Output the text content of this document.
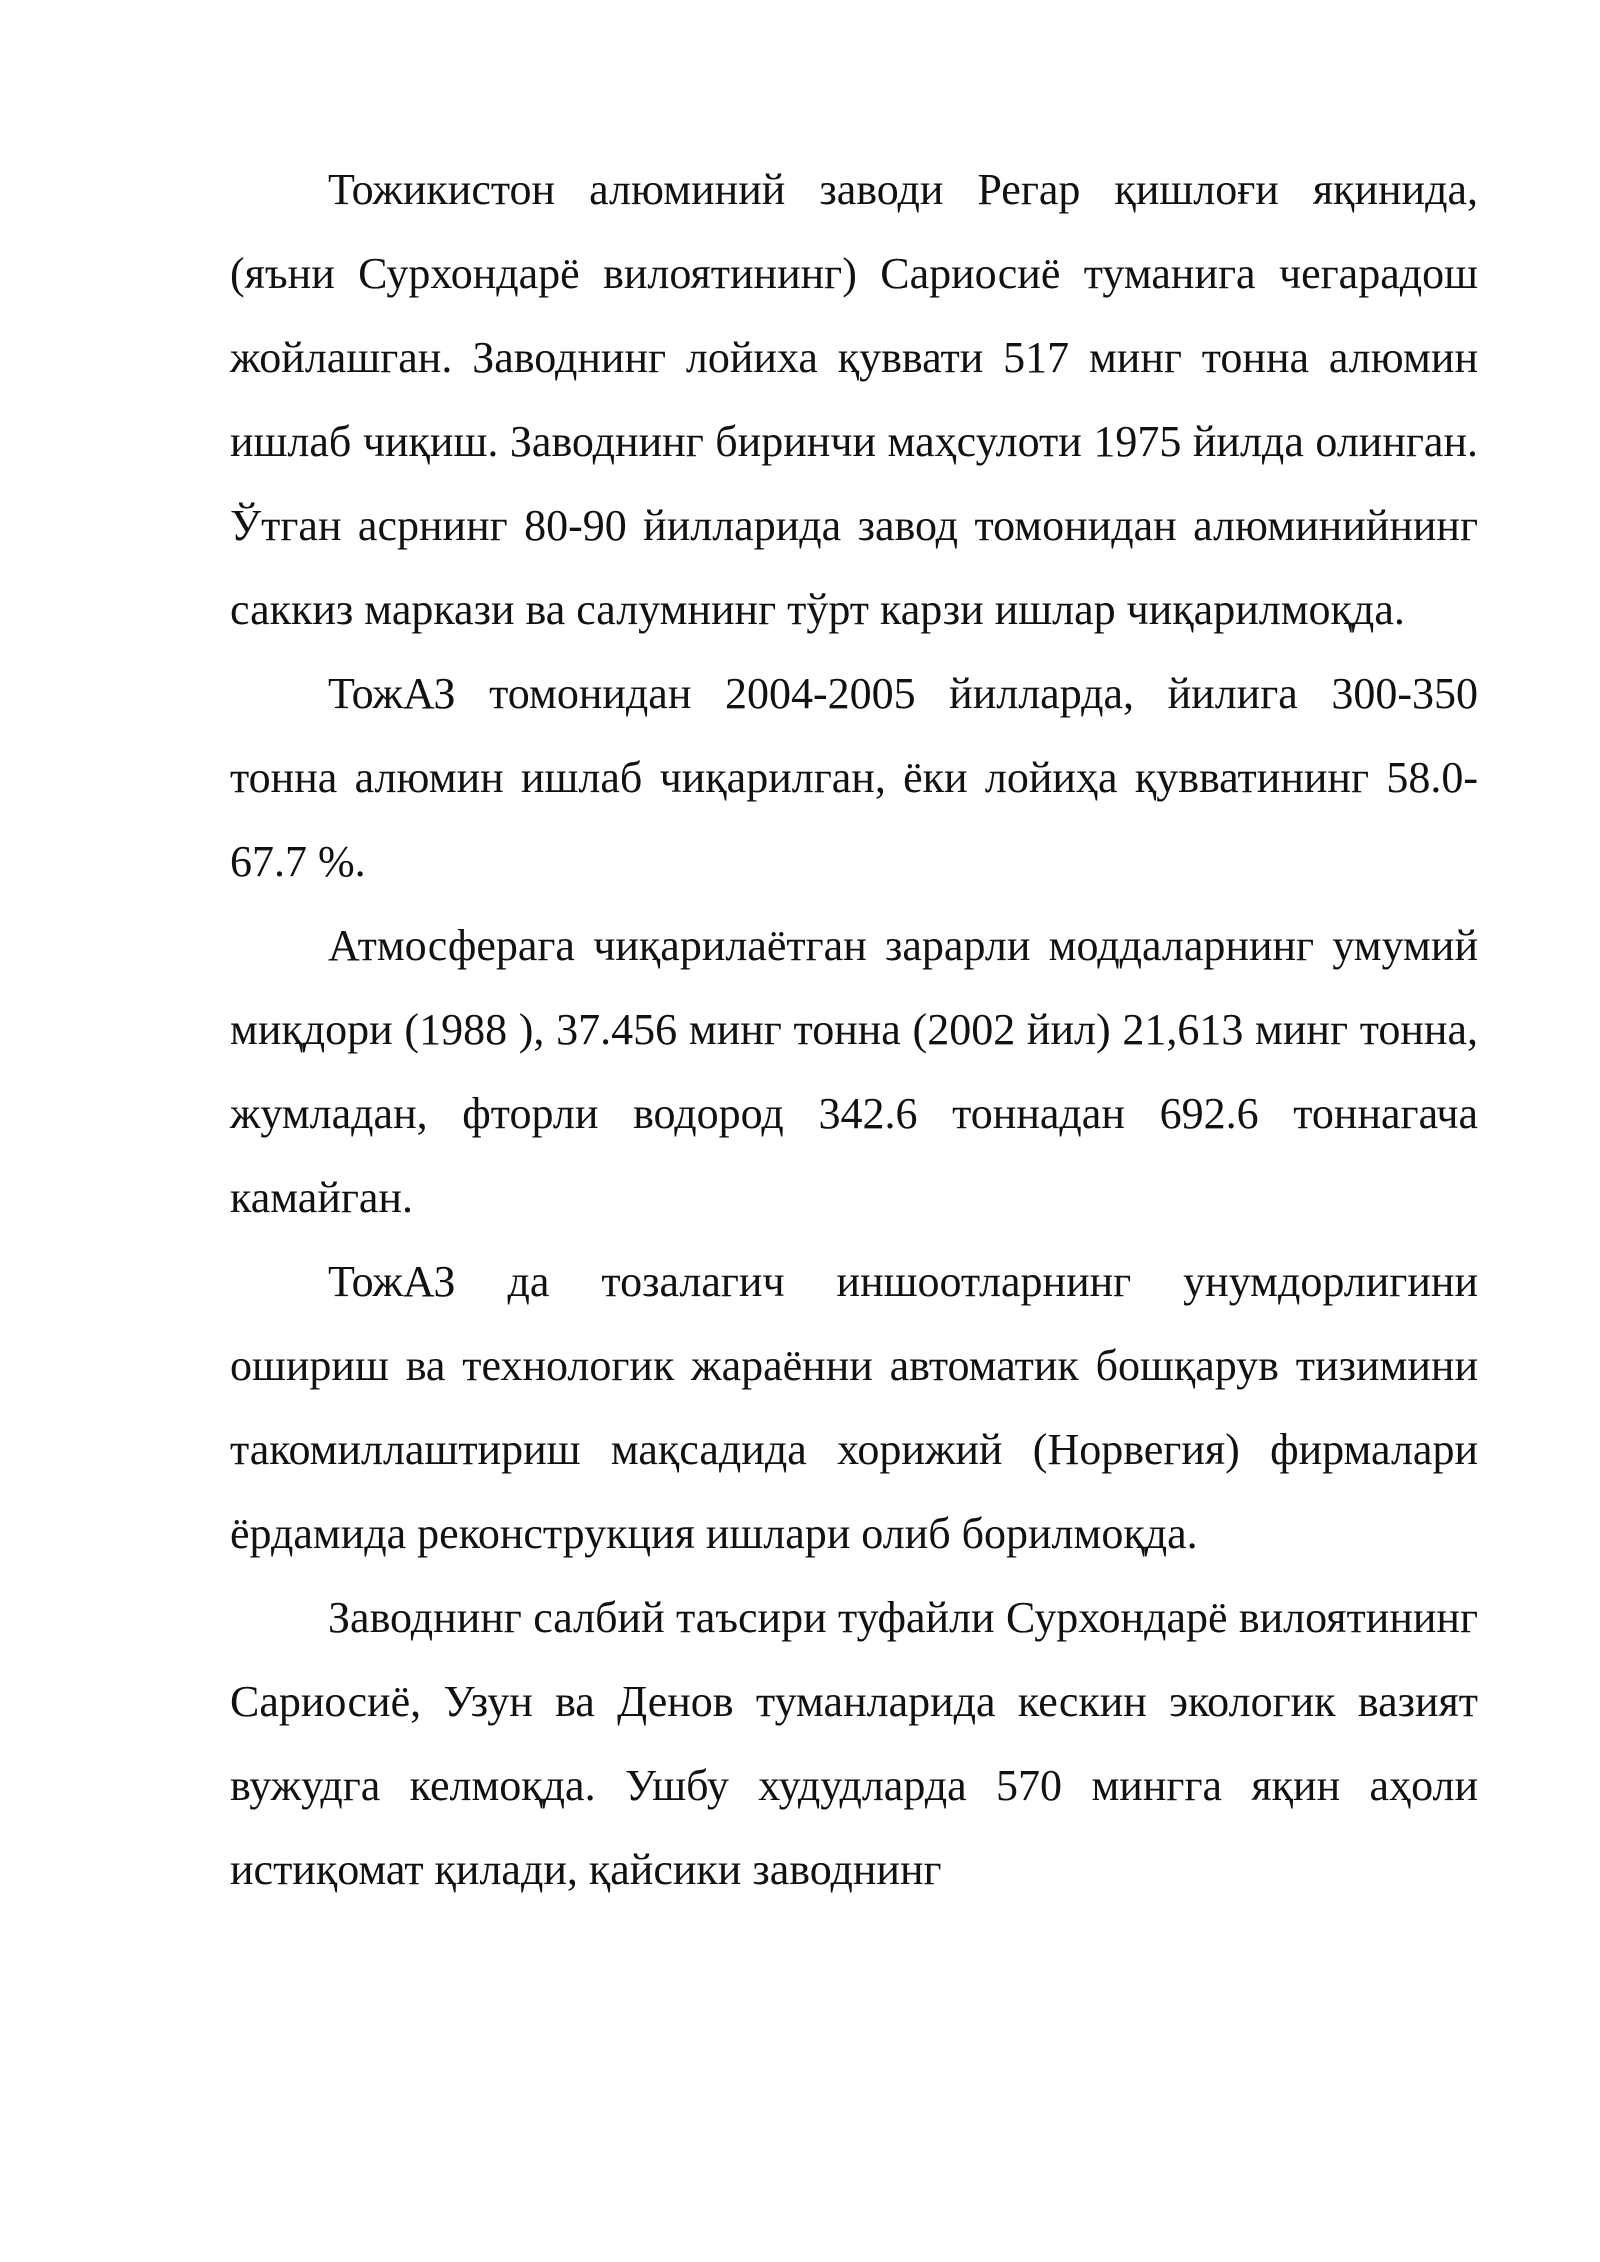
Тожикистон алюминий заводи Регар қишлоғи яқинида, (яъни Сурхондарё вилоятининг) Сариосиё туманига чегарадош жойлашган. Заводнинг лойиха қуввати 517 минг тонна алюмин ишлаб чиқиш. Заводнинг биринчи маҳсулоти 1975 йилда олинган. Ўтган асрнинг 80-90 йилларида завод томонидан алюминийнинг саккиз маркази ва салумнинг тўрт карзи ишлар чиқарилмоқда.

ТожАЗ томонидан 2004-2005 йилларда, йилига 300-350 тонна алюмин ишлаб чиқарилган, ёки лойиҳа қувватининг 58.0-67.7 %.

Атмосферага чиқарилаётган зарарли моддаларнинг умумий миқдори (1988 ), 37.456 минг тонна (2002 йил) 21,613 минг тонна, жумладан, фторли водород 342.6 тоннадан 692.6 тоннагача камайган.

ТожАЗ да тозалагич иншоотларнинг унумдорлигини ошириш ва технологик жараённи автоматик бошқарув тизимини такомиллаштириш мақсадида хорижий (Норвегия) фирмалари ёрдамида реконструкция ишлари олиб борилмоқда.

Заводнинг салбий таъсири туфайли Сурхондарё вилоятининг Сариосиё, Узун ва Денов туманларида кескин экологик вазият вужудга келмоқда. Ушбу худудларда 570 мингга яқин аҳоли истиқомат қилади, қайсики заводнинг
